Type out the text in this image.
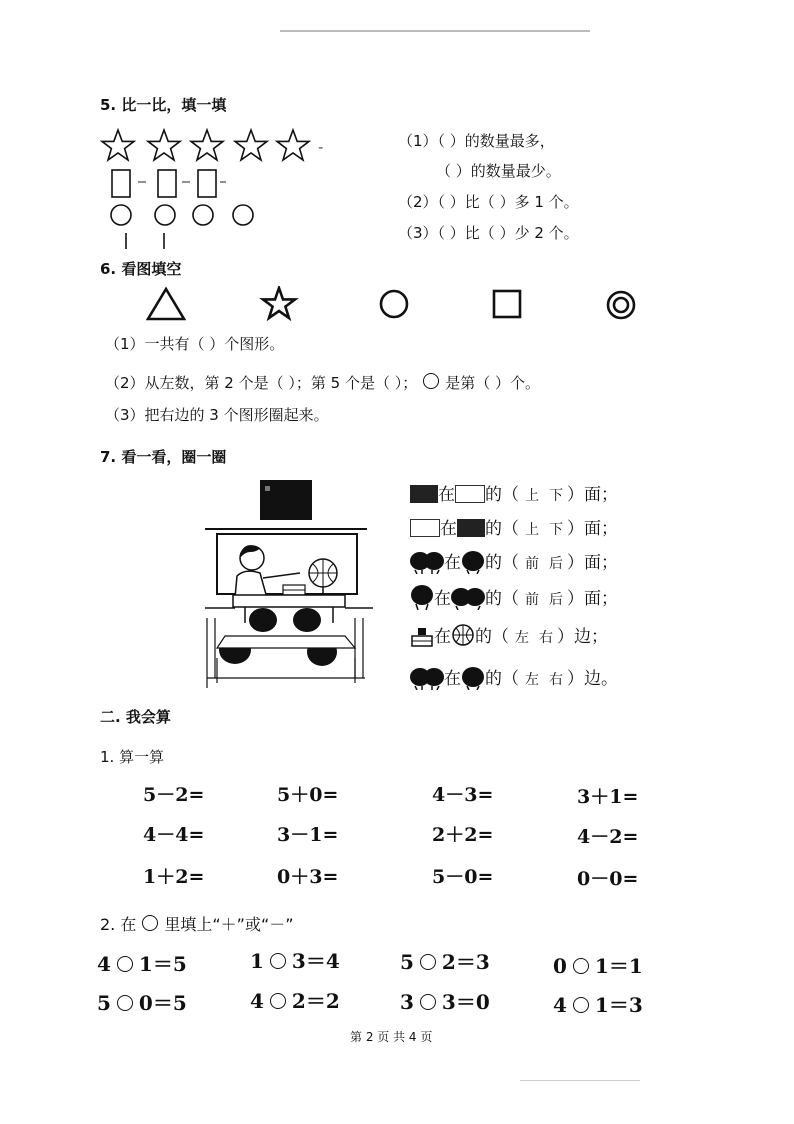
5. 比一比，填一填
-	（1）（ ）的数量最多，
（ ）的数量最少。
（2）（ ）比（ ）多 1 个。
（3）（ ）比（ ）少 2 个。
6. 看图填空
（1）一共有（ ）个图形。
（2）从左数，第 2 个是（ ）；第 5 个是（ ）； 是第（ ）个。
（3）把右边的 3 个图形圈起来。
7. 看一看，圈一圈
在 的（ 上 下 ）面；
在 的（ 上 下 ）面；
在 的（ 前 后 ）面；
在 的（ 前 后 ）面；
在 的（ 左 右 ）边；
在 的（ 左 右 ）边。
二. 我会算
1. 算一算
5－2=	5＋0=	4－3=	3＋1=
4－4=	3－1=	2＋2=	4－2=
1＋2=	0＋3=	5－0=	0－0=
2. 在 里填上“＋”或“－”
4 1＝5	1 3＝4	5 2＝3	0 1＝1
5 0＝5	4 2＝2	3 3＝0	4 1＝3
第 2 页 共 4 页
